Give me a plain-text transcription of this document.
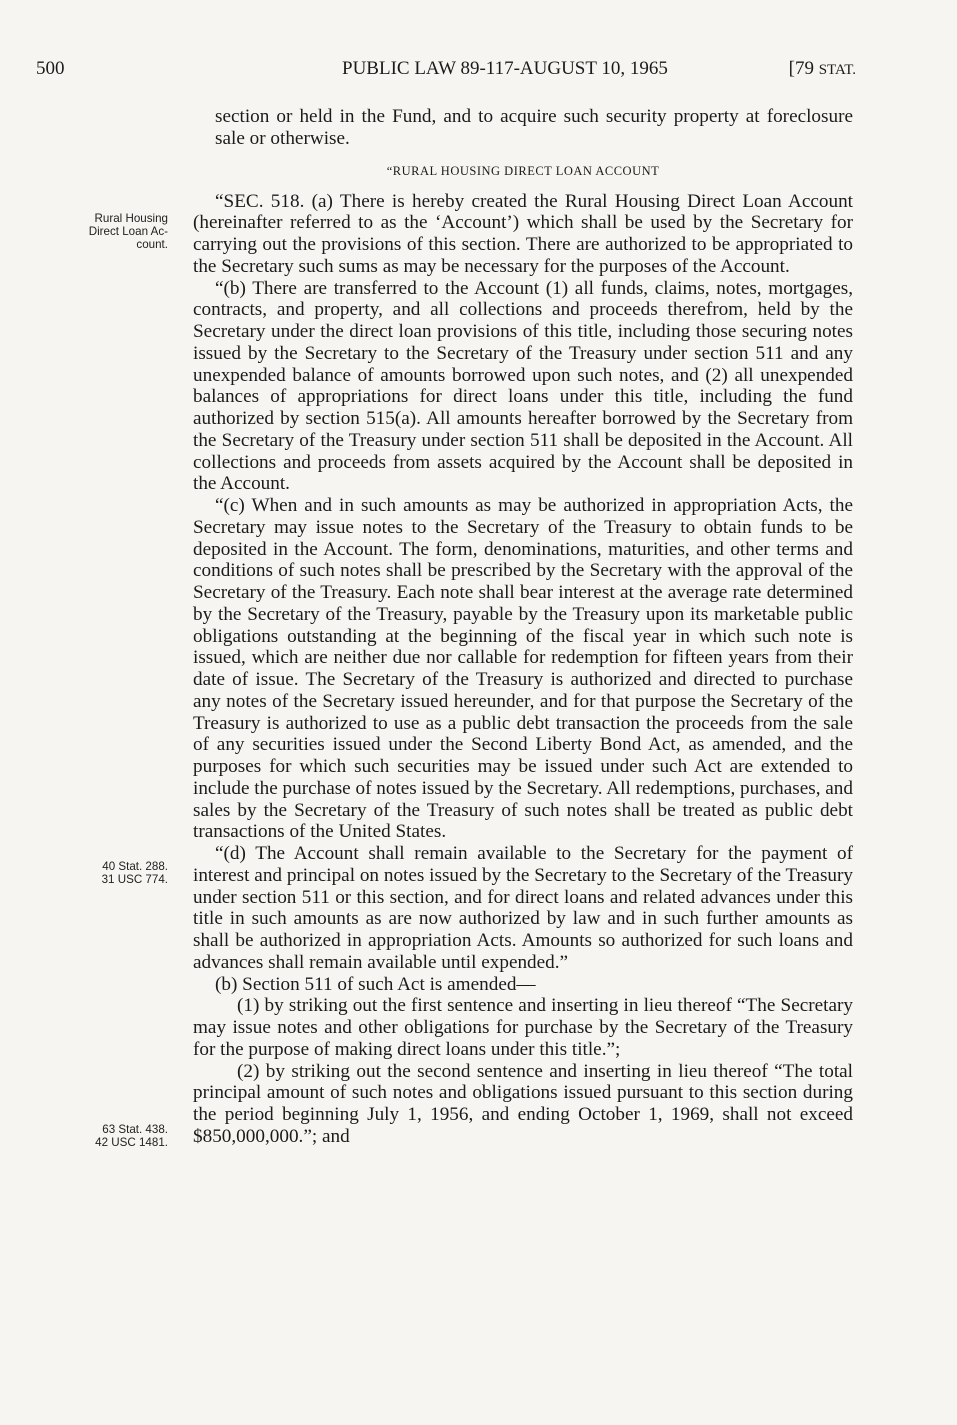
500	PUBLIC LAW 89-117-AUGUST 10, 1965	[79 STAT.
Rural Housing
Direct Loan Ac-
count.
40 Stat. 288.
31 USC 774.
63 Stat. 438.
42 USC 1481.

section or held in the Fund, and to acquire such security property at foreclosure sale or otherwise.

“RURAL HOUSING DIRECT LOAN ACCOUNT

“SEC. 518. (a) There is hereby created the Rural Housing Direct Loan Account (hereinafter referred to as the ‘Account’) which shall be used by the Secretary for carrying out the provisions of this section. There are authorized to be appropriated to the Secretary such sums as may be necessary for the purposes of the Account.

“(b) There are transferred to the Account (1) all funds, claims, notes, mortgages, contracts, and property, and all collections and proceeds therefrom, held by the Secretary under the direct loan provisions of this title, including those securing notes issued by the Secretary to the Secretary of the Treasury under section 511 and any unexpended balance of amounts borrowed upon such notes, and (2) all unexpended balances of appropriations for direct loans under this title, including the fund authorized by section 515(a). All amounts hereafter borrowed by the Secretary from the Secretary of the Treasury under section 511 shall be deposited in the Account. All collections and proceeds from assets acquired by the Account shall be deposited in the Account.

“(c) When and in such amounts as may be authorized in appropriation Acts, the Secretary may issue notes to the Secretary of the Treasury to obtain funds to be deposited in the Account. The form, denominations, maturities, and other terms and conditions of such notes shall be prescribed by the Secretary with the approval of the Secretary of the Treasury. Each note shall bear interest at the average rate determined by the Secretary of the Treasury, payable by the Treasury upon its marketable public obligations outstanding at the beginning of the fiscal year in which such note is issued, which are neither due nor callable for redemption for fifteen years from their date of issue. The Secretary of the Treasury is authorized and directed to purchase any notes of the Secretary issued hereunder, and for that purpose the Secretary of the Treasury is authorized to use as a public debt transaction the proceeds from the sale of any securities issued under the Second Liberty Bond Act, as amended, and the purposes for which such securities may be issued under such Act are extended to include the purchase of notes issued by the Secretary. All redemptions, purchases, and sales by the Secretary of the Treasury of such notes shall be treated as public debt transactions of the United States.

“(d) The Account shall remain available to the Secretary for the payment of interest and principal on notes issued by the Secretary to the Secretary of the Treasury under section 511 or this section, and for direct loans and related advances under this title in such amounts as are now authorized by law and in such further amounts as shall be authorized in appropriation Acts. Amounts so authorized for such loans and advances shall remain available until expended.”

(b) Section 511 of such Act is amended—

(1) by striking out the first sentence and inserting in lieu thereof “The Secretary may issue notes and other obligations for purchase by the Secretary of the Treasury for the purpose of making direct loans under this title.”;

(2) by striking out the second sentence and inserting in lieu thereof “The total principal amount of such notes and obligations issued pursuant to this section during the period beginning July 1, 1956, and ending October 1, 1969, shall not exceed $850,000,000.”; and
